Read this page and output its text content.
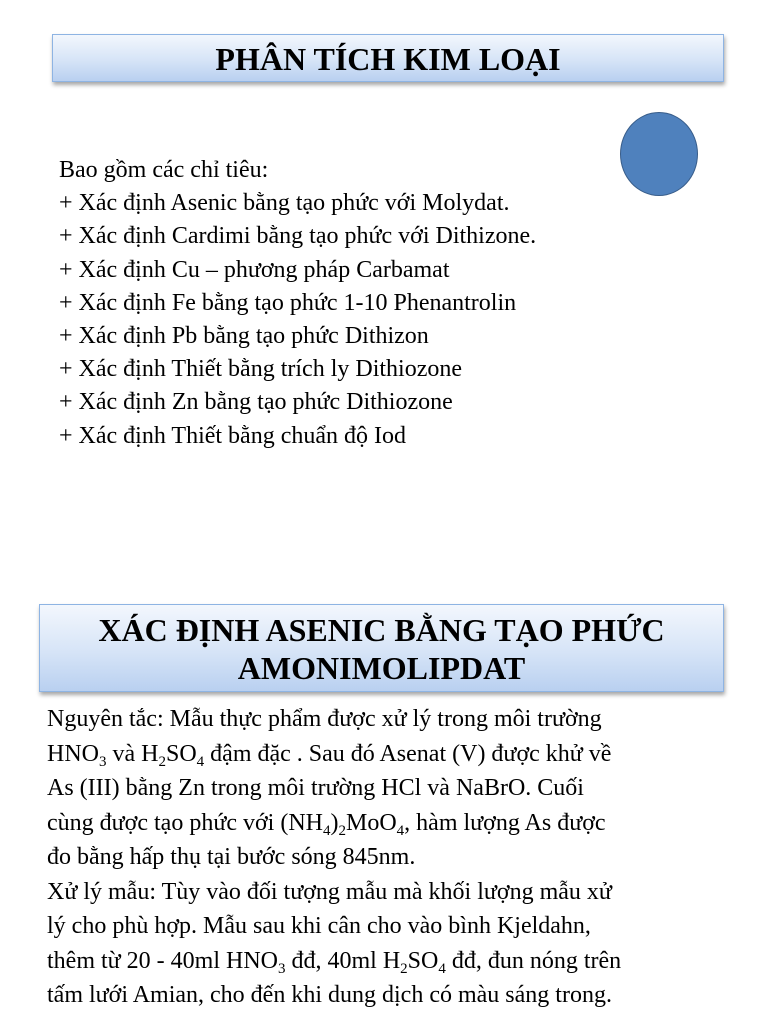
PHÂN TÍCH KIM LOẠI
Bao gồm các chỉ tiêu:
+ Xác định Asenic bằng tạo phức với Molydat.
+ Xác định Cardimi bằng tạo phức với Dithizone.
+ Xác định Cu – phương pháp Carbamat
+ Xác định Fe bằng tạo phức 1-10 Phenantrolin
+ Xác định Pb bằng tạo phức Dithizon
+ Xác định Thiết bằng trích ly Dithiozone
+ Xác định Zn bằng tạo phức Dithiozone
+ Xác định Thiết bằng chuẩn độ Iod
XÁC ĐỊNH ASENIC BẰNG TẠO PHỨC
AMONIMOLIPDAT
Nguyên tắc: Mẫu thực phẩm được xử lý trong môi trường
$HNO_3$ và $H_2SO_4$ đậm đặc . Sau đó Asenat (V) được khử về
As (III) bằng Zn trong môi trường HCl và NaBrO. Cuối
cùng được tạo phức với $(NH_4)_2MoO_4$, hàm lượng As được
đo bằng hấp thụ tại bước sóng 845nm.
Xử lý mẫu: Tùy vào đối tượng mẫu mà khối lượng mẫu xử
lý cho phù hợp. Mẫu sau khi cân cho vào bình Kjeldahn,
thêm từ 20 - 40ml $HNO_3$ đđ, 40ml $H_2SO_4$ đđ, đun nóng trên
tấm lưới Amian, cho đến khi dung dịch có màu sáng trong.
